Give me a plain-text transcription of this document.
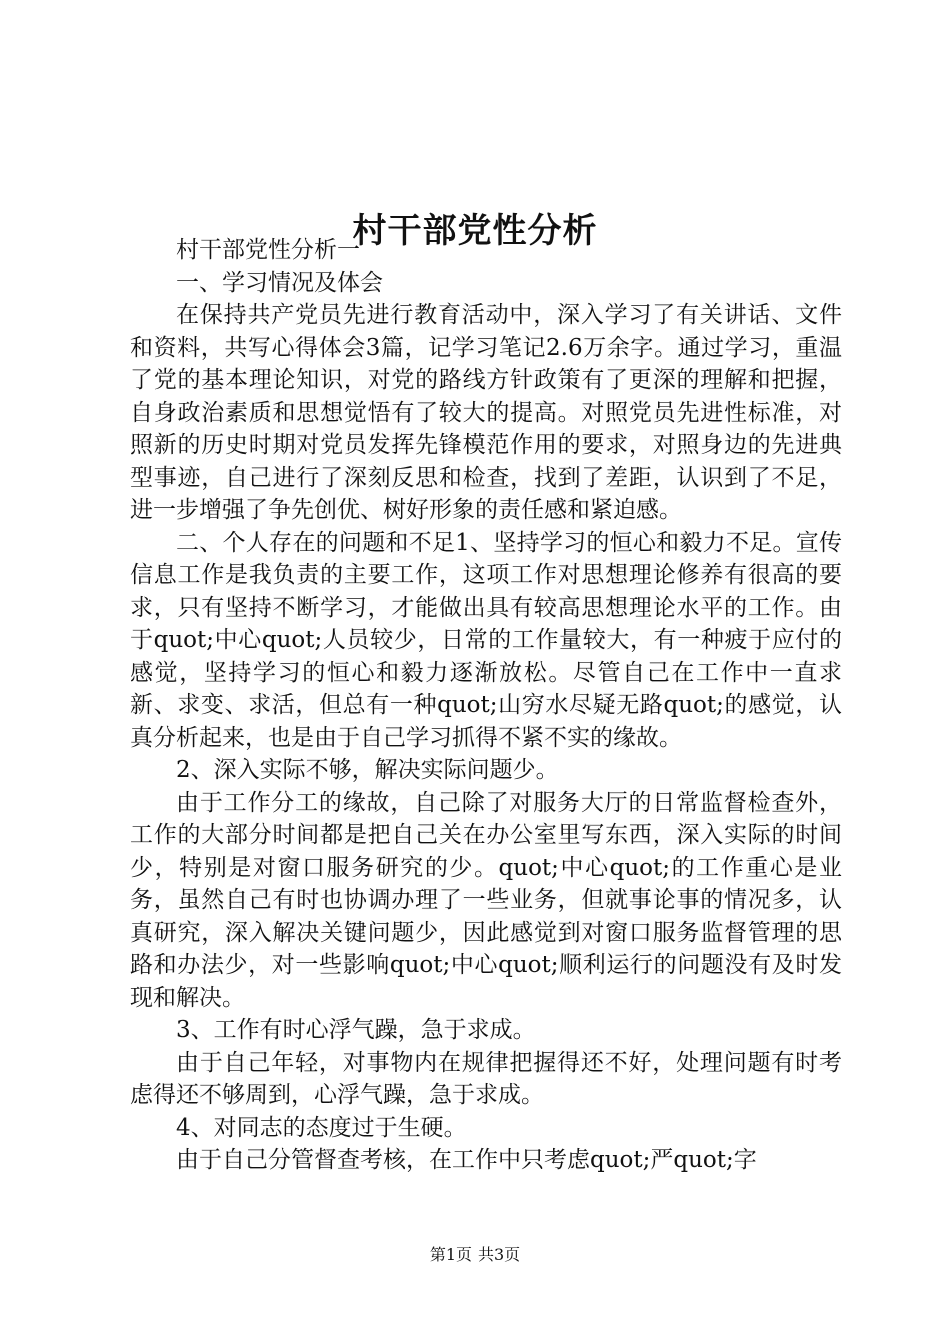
村干部党性分析

村干部党性分析一

一、学习情况及体会

在保持共产党员先进行教育活动中，深入学习了有关讲话、文件和资料，共写心得体会3篇，记学习笔记2.6万余字。通过学习，重温了党的基本理论知识，对党的路线方针政策有了更深的理解和把握，自身政治素质和思想觉悟有了较大的提高。对照党员先进性标准，对照新的历史时期对党员发挥先锋模范作用的要求，对照身边的先进典型事迹，自己进行了深刻反思和检查，找到了差距，认识到了不足，进一步增强了争先创优、树好形象的责任感和紧迫感。

二、个人存在的问题和不足1、坚持学习的恒心和毅力不足。宣传信息工作是我负责的主要工作，这项工作对思想理论修养有很高的要求，只有坚持不断学习，才能做出具有较高思想理论水平的工作。由于quot;中心quot;人员较少，日常的工作量较大，有一种疲于应付的感觉，坚持学习的恒心和毅力逐渐放松。尽管自己在工作中一直求新、求变、求活，但总有一种quot;山穷水尽疑无路quot;的感觉，认真分析起来，也是由于自己学习抓得不紧不实的缘故。

2、深入实际不够，解决实际问题少。

由于工作分工的缘故，自己除了对服务大厅的日常监督检查外，工作的大部分时间都是把自己关在办公室里写东西，深入实际的时间少，特别是对窗口服务研究的少。quot;中心quot;的工作重心是业务，虽然自己有时也协调办理了一些业务，但就事论事的情况多，认真研究，深入解决关键问题少，因此感觉到对窗口服务监督管理的思路和办法少，对一些影响quot;中心quot;顺利运行的问题没有及时发现和解决。

3、工作有时心浮气躁，急于求成。

由于自己年轻，对事物内在规律把握得还不好，处理问题有时考虑得还不够周到，心浮气躁，急于求成。

4、对同志的态度过于生硬。

由于自己分管督查考核，在工作中只考虑quot;严quot;字

第1页 共3页
